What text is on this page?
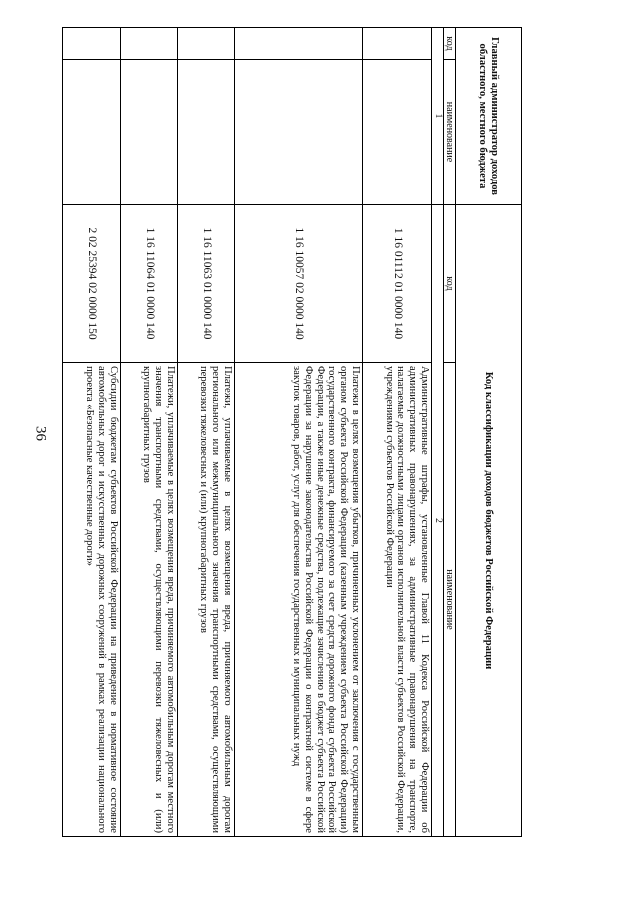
36
Главный администратор доходов областного, местного бюджета		Код классификации доходов бюджетов Российской Федерации	
код	наименование	код	наименование
1		2	
		1 16 01112 01 0000 140	Административные штрафы, установленные Главой 11 Кодекса Российской Федерации об административных правонарушениях, за административные правонарушения на транспорте, налагаемые должностными лицами органов исполнительной власти субъектов Российской Федерации, учреждениями субъектов Российской Федерации
		1 16 10057 02 0000 140	Платежи в целях возмещения убытков, причиненных уклонением от заключения с государственным органом субъекта Российской Федерации (казенным учреждением субъекта Российской Федерации) государственного контракта, финансируемого за счет средств дорожного фонда субъекта Российской Федерации, а также иные денежные средства, подлежащие зачислению в бюджет субъекта Российской Федерации за нарушение законодательства Российской Федерации о контрактной системе в сфере закупок товаров, работ, услуг для обеспечения государственных и муниципальных нужд
		1 16 11063 01 0000 140	Платежи, уплачиваемые в целях возмещения вреда, причиняемого автомобильным дорогам регионального или межмуниципального значения транспортными средствами, осуществляющими перевозки тяжеловесных и (или) крупногабаритных грузов
		1 16 11064 01 0000 140	Платежи, уплачиваемые в целях возмещения вреда, причиняемого автомобильным дорогам местного значения транспортными средствами, осуществляющими перевозки тяжеловесных и (или) крупногабаритных грузов
		2 02 25394 02 0000 150	Субсидии бюджетам субъектов Российской Федерации на приведение в нормативное состояние автомобильных дорог и искусственных дорожных сооружений в рамках реализации национального проекта «Безопасные качественные дороги»
